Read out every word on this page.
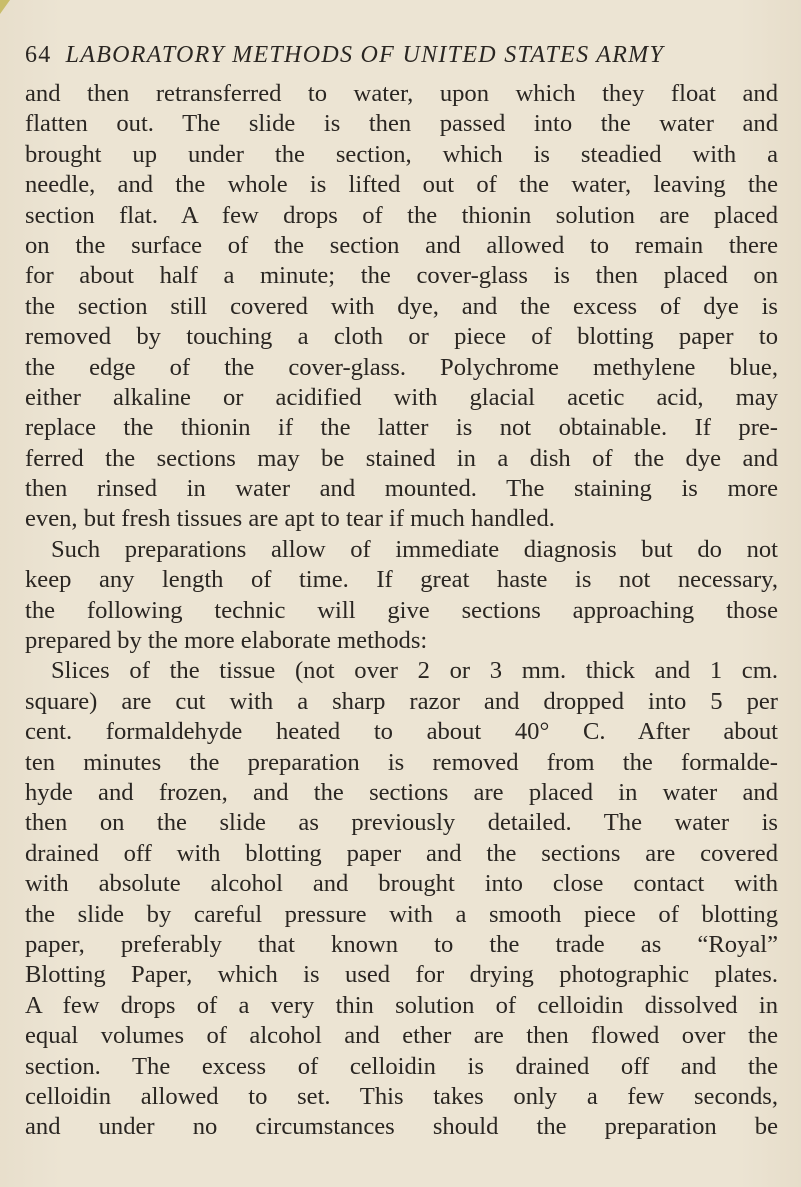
64 LABORATORY METHODS OF UNITED STATES ARMY
and then retransferred to water, upon which they float and
flatten out. The slide is then passed into the water and
brought up under the section, which is steadied with a
needle, and the whole is lifted out of the water, leaving the
section flat. A few drops of the thionin solution are placed
on the surface of the section and allowed to remain there
for about half a minute; the cover-glass is then placed on
the section still covered with dye, and the excess of dye is
removed by touching a cloth or piece of blotting paper to
the edge of the cover-glass. Polychrome methylene blue,
either alkaline or acidified with glacial acetic acid, may
replace the thionin if the latter is not obtainable. If pre-
ferred the sections may be stained in a dish of the dye and
then rinsed in water and mounted. The staining is more
even, but fresh tissues are apt to tear if much handled.
Such preparations allow of immediate diagnosis but do not
keep any length of time. If great haste is not necessary,
the following technic will give sections approaching those
prepared by the more elaborate methods:
Slices of the tissue (not over 2 or 3 mm. thick and 1 cm.
square) are cut with a sharp razor and dropped into 5 per
cent. formaldehyde heated to about 40° C. After about
ten minutes the preparation is removed from the formalde-
hyde and frozen, and the sections are placed in water and
then on the slide as previously detailed. The water is
drained off with blotting paper and the sections are covered
with absolute alcohol and brought into close contact with
the slide by careful pressure with a smooth piece of blotting
paper, preferably that known to the trade as “Royal”
Blotting Paper, which is used for drying photographic plates.
A few drops of a very thin solution of celloidin dissolved in
equal volumes of alcohol and ether are then flowed over the
section. The excess of celloidin is drained off and the
celloidin allowed to set. This takes only a few seconds,
and under no circumstances should the preparation be
